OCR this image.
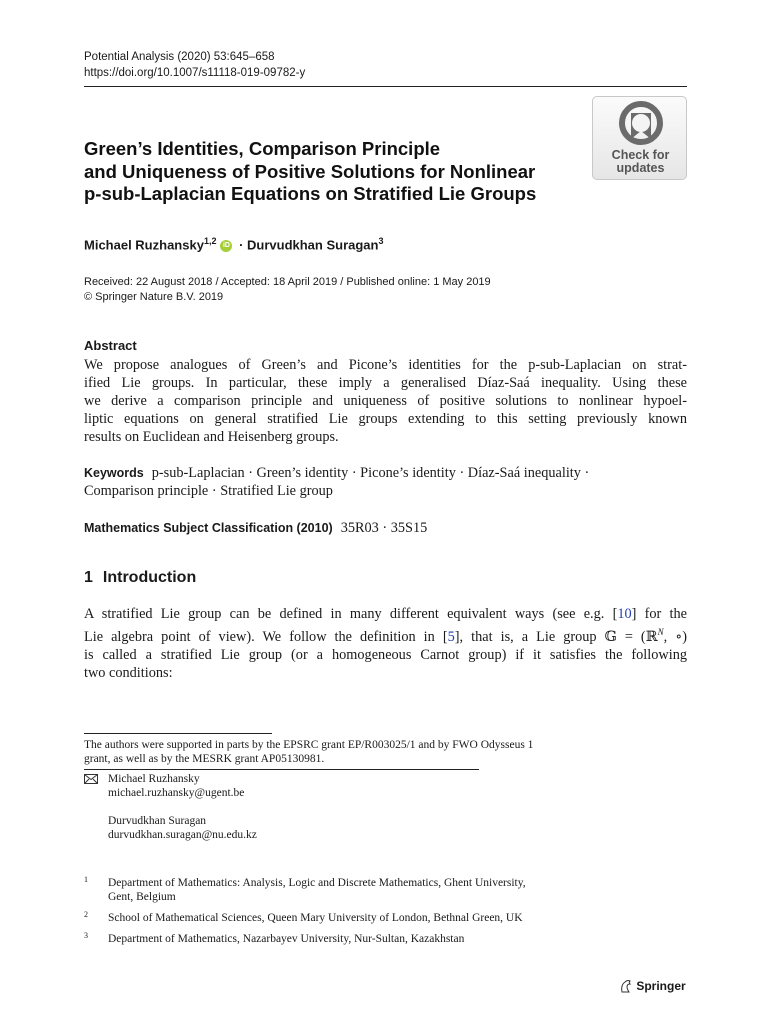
Potential Analysis (2020) 53:645–658
https://doi.org/10.1007/s11118-019-09782-y
Check for
updates
Green’s Identities, Comparison Principle
and Uniqueness of Positive Solutions for Nonlinear
p-sub-Laplacian Equations on Stratified Lie Groups
Michael Ruzhansky$^{1,2}$ iD · Durvudkhan Suragan$^3$
Received: 22 August 2018 / Accepted: 18 April 2019 / Published online: 1 May 2019
© Springer Nature B.V. 2019
Abstract
We propose analogues of Green’s and Picone’s identities for the p-sub-Laplacian on strat-
ified Lie groups. In particular, these imply a generalised Díaz-Saá inequality. Using these
we derive a comparison principle and uniqueness of positive solutions to nonlinear hypoel-
liptic equations on general stratified Lie groups extending to this setting previously known
results on Euclidean and Heisenberg groups.
Keywords p-sub-Laplacian · Green’s identity · Picone’s identity · Díaz-Saá inequality ·
Comparison principle · Stratified Lie group
Mathematics Subject Classification (2010) 35R03 · 35S15
1 Introduction
A stratified Lie group can be defined in many different equivalent ways (see e.g. [10] for the
Lie algebra point of view). We follow the definition in [5], that is, a Lie group 𝔾 = (ℝ$^N$, ∘)
is called a stratified Lie group (or a homogeneous Carnot group) if it satisfies the following
two conditions:
The authors were supported in parts by the EPSRC grant EP/R003025/1 and by FWO Odysseus 1
grant, as well as by the MESRK grant AP05130981.
Michael Ruzhansky
michael.ruzhansky@ugent.be
Durvudkhan Suragan
durvudkhan.suragan@nu.edu.kz
1 Department of Mathematics: Analysis, Logic and Discrete Mathematics, Ghent University,
Gent, Belgium
2 School of Mathematical Sciences, Queen Mary University of London, Bethnal Green, UK
3 Department of Mathematics, Nazarbayev University, Nur-Sultan, Kazakhstan
Springer
